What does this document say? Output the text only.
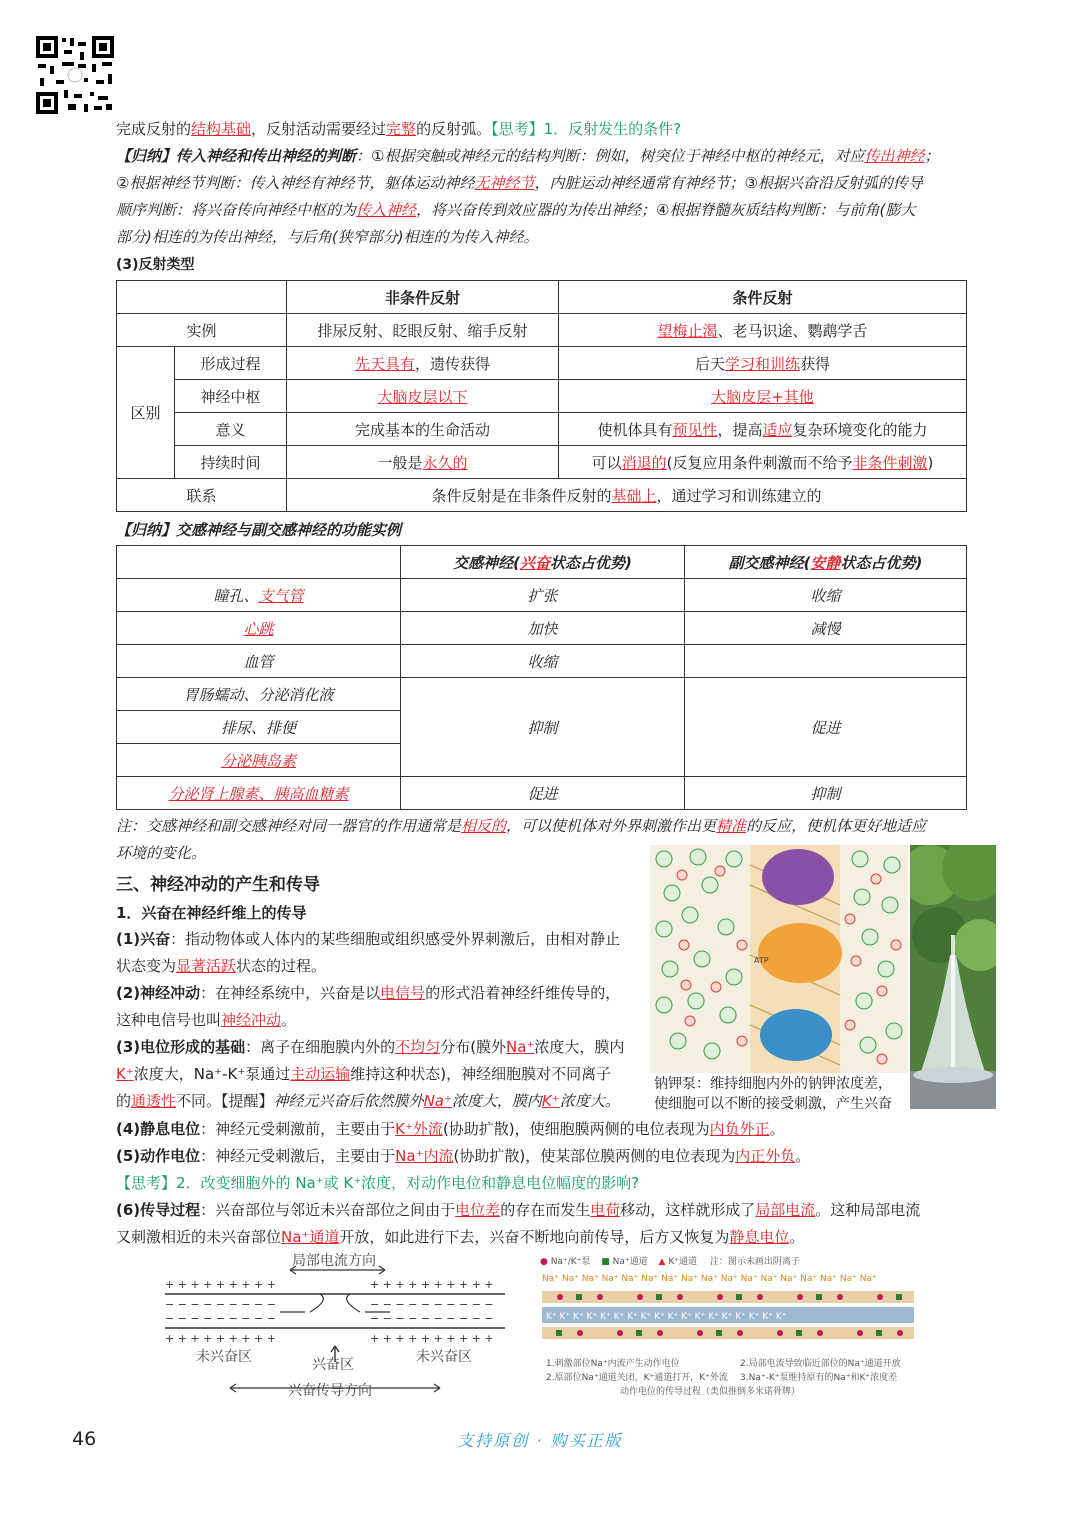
完成反射的结构基础，反射活动需要经过完整的反射弧。【思考】1．反射发生的条件?
【归纳】传入神经和传出神经的判断：①根据突触或神经元的结构判断：例如，树突位于神经中枢的神经元，对应传出神经；
②根据神经节判断：传入神经有神经节，躯体运动神经无神经节，内脏运动神经通常有神经节；③根据兴奋沿反射弧的传导
顺序判断：将兴奋传向神经中枢的为传入神经，将兴奋传到效应器的为传出神经；④根据脊髓灰质结构判断：与前角(膨大
部分)相连的为传出神经，与后角(狭窄部分)相连的为传入神经。
(3)反射类型
		非条件反射	条件反射
实例		排尿反射、眨眼反射、缩手反射	望梅止渴、老马识途、鹦鹉学舌
区别	形成过程	先天具有，遗传获得	后天学习和训练获得
	神经中枢	大脑皮层以下	大脑皮层+其他
	意义	完成基本的生命活动	使机体具有预见性，提高适应复杂环境变化的能力
	持续时间	一般是永久的	可以消退的(反复应用条件刺激而不给予非条件刺激)
联系		条件反射是在非条件反射的基础上，通过学习和训练建立的	
【归纳】交感神经与副交感神经的功能实例
	交感神经(兴奋状态占优势)	副交感神经(安静状态占优势)
瞳孔、支气管	扩张	收缩
心跳	加快	减慢
血管	收缩	
胃肠蠕动、分泌消化液	抑制	促进
排尿、排便		
分泌胰岛素		
分泌肾上腺素、胰高血糖素	促进	抑制
注：交感神经和副交感神经对同一器官的作用通常是相反的，可以使机体对外界刺激作出更精准的反应，使机体更好地适应
环境的变化。
三、神经冲动的产生和传导
1．兴奋在神经纤维上的传导
(1)兴奋：指动物体或人体内的某些细胞或组织感受外界刺激后，由相对静止
状态变为显著活跃状态的过程。
(2)神经冲动：在神经系统中，兴奋是以电信号的形式沿着神经纤维传导的，
这种电信号也叫神经冲动。
(3)电位形成的基础：离子在细胞膜内外的不均匀分布(膜外Na⁺浓度大，膜内
K⁺浓度大，Na⁺-K⁺泵通过主动运输维持这种状态)，神经细胞膜对不同离子
的通透性不同。【提醒】神经元兴奋后依然膜外Na⁺浓度大，膜内K⁺浓度大。
(4)静息电位：神经元受刺激前，主要由于K⁺外流(协助扩散)，使细胞膜两侧的电位表现为内负外正。
(5)动作电位：神经元受刺激后，主要由于Na⁺内流(协助扩散)，使某部位膜两侧的电位表现为内正外负。
【思考】2．改变细胞外的 Na⁺或 K⁺浓度，对动作电位和静息电位幅度的影响?
(6)传导过程：兴奋部位与邻近未兴奋部位之间由于电位差的存在而发生电荷移动，这样就形成了局部电流。这种局部电流
又刺激相近的未兴奋部位Na⁺通道开放，如此进行下去，兴奋不断地向前传导，后方又恢复为静息电位。
ATP
钠钾泵：维持细胞内外的钠钾浓度差，
使细胞可以不断的接受刺激，产生兴奋
+ + + + + + + + +	+ + + + + + + + + +
− − − − − − − − −	− − − − − − − − − −
− − − − − − − − −	− − − − − − − − − −
+ + + + + + + + +	+ + + + + + + + + +
局部电流方向
未兴奋区	兴奋区	未兴奋区
兴奋传导方向
● Na⁺/K⁺泵 ■ Na⁺通道 ▲ K⁺通道 注：图示未画出阴离子
Na⁺ Na⁺ Na⁺ Na⁺ Na⁺ Na⁺ Na⁺ Na⁺ Na⁺ Na⁺ Na⁺ Na⁺ Na⁺ Na⁺ Na⁺ Na⁺ Na⁺
K⁺ K⁺ K⁺ K⁺ K⁺ K⁺ K⁺ K⁺ K⁺ K⁺ K⁺ K⁺ K⁺ K⁺ K⁺ K⁺ K⁺ K⁺
1.刺激部位Na⁺内流产生动作电位	2.局部电流导致临近部位的Na⁺通道开放
2.原部位Na⁺通道关闭，K⁺通道打开，K⁺外流 3.Na⁺-K⁺泵维持原有的Na⁺和K⁺浓度差
动作电位的传导过程（类似推倒多米诺骨牌）
46	支持原创 · 购买正版
